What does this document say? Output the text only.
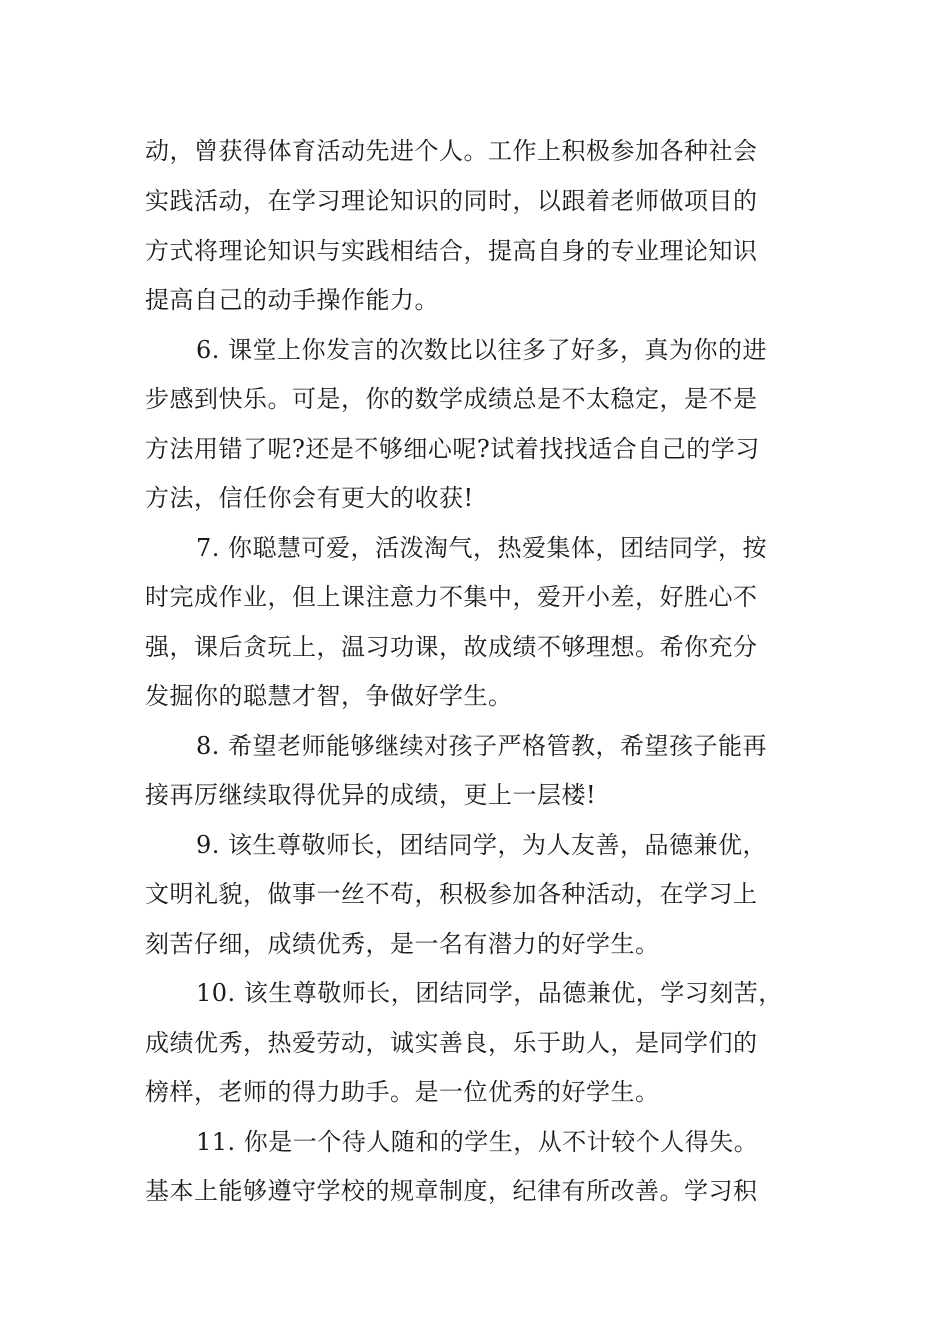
动，曾获得体育活动先进个人。工作上积极参加各种社会
实践活动，在学习理论知识的同时，以跟着老师做项目的
方式将理论知识与实践相结合，提高自身的专业理论知识
提高自己的动手操作能力。
6. 课堂上你发言的次数比以往多了好多，真为你的进
步感到快乐。可是，你的数学成绩总是不太稳定，是不是
方法用错了呢?还是不够细心呢?试着找找适合自己的学习
方法，信任你会有更大的收获!
7. 你聪慧可爱，活泼淘气，热爱集体，团结同学，按
时完成作业，但上课注意力不集中，爱开小差，好胜心不
强，课后贪玩上，温习功课，故成绩不够理想。希你充分
发掘你的聪慧才智，争做好学生。
8. 希望老师能够继续对孩子严格管教，希望孩子能再
接再厉继续取得优异的成绩，更上一层楼!
9. 该生尊敬师长，团结同学，为人友善，品德兼优，
文明礼貌，做事一丝不苟，积极参加各种活动，在学习上
刻苦仔细，成绩优秀，是一名有潜力的好学生。
10. 该生尊敬师长，团结同学，品德兼优，学习刻苦，
成绩优秀，热爱劳动，诚实善良，乐于助人，是同学们的
榜样，老师的得力助手。是一位优秀的好学生。
11. 你是一个待人随和的学生，从不计较个人得失。
基本上能够遵守学校的规章制度，纪律有所改善。学习积
